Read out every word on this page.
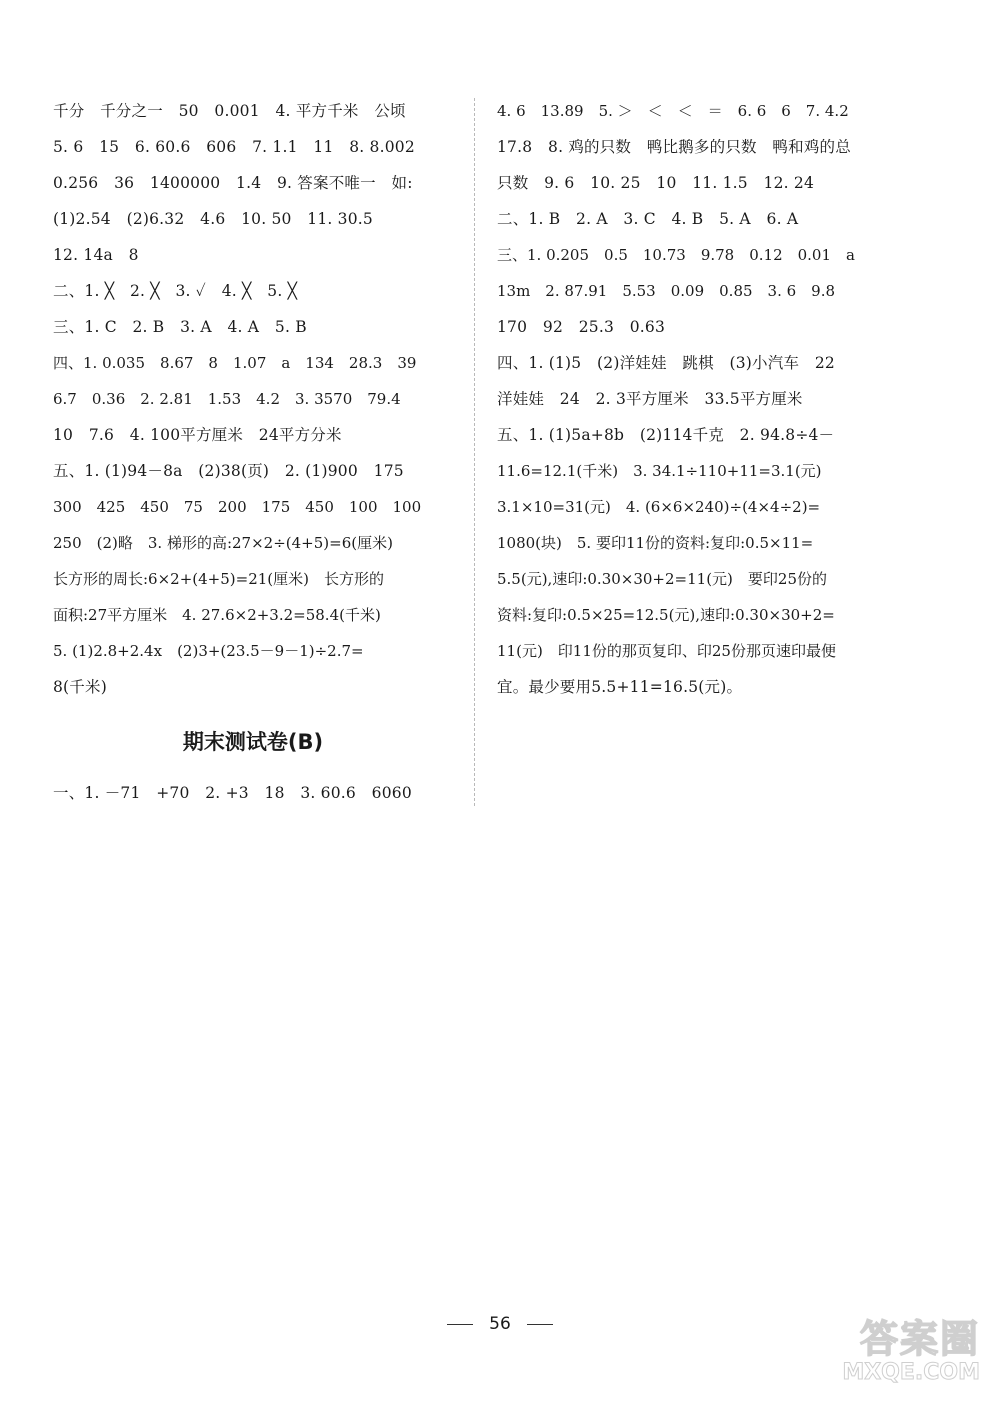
千分　千分之一　50　0.001　4. 平方千米　公顷
5. 6　15　6. 60.6　606　7. 1.1　11　8. 8.002
0.256　36　1400000　1.4　9. 答案不唯一　如:
(1)2.54　(2)6.32　4.6　10. 50　11. 30.5
12. 14a　8
二、1. ╳　2. ╳　3. ✓　4. ╳　5. ╳
三、1. C　2. B　3. A　4. A　5. B
四、1. 0.035　8.67　8　1.07　a　134　28.3　39
6.7　0.36　2. 2.81　1.53　4.2　3. 3570　79.4
10　7.6　4. 100平方厘米　24平方分米
五、1. (1)94－8a　(2)38(页)　2. (1)900　175
300　425　450　75　200　175　450　100　100
250　(2)略　3. 梯形的高:27×2÷(4+5)=6(厘米)
长方形的周长:6×2+(4+5)=21(厘米)　长方形的
面积:27平方厘米　4. 27.6×2+3.2=58.4(千米)
5. (1)2.8+2.4x　(2)3+(23.5－9－1)÷2.7=
8(千米)
期末测试卷(B)
一、1. －71　+70　2. +3　18　3. 60.6　6060
4. 6　13.89　5. ＞　＜　＜　＝　6. 6　6　7. 4.2
17.8　8. 鸡的只数　鸭比鹅多的只数　鸭和鸡的总
只数　9. 6　10. 25　10　11. 1.5　12. 24
二、1. B　2. A　3. C　4. B　5. A　6. A
三、1. 0.205　0.5　10.73　9.78　0.12　0.01　a
13m　2. 87.91　5.53　0.09　0.85　3. 6　9.8
170　92　25.3　0.63
四、1. (1)5　(2)洋娃娃　跳棋　(3)小汽车　22
洋娃娃　24　2. 3平方厘米　33.5平方厘米
五、1. (1)5a+8b　(2)114千克　2. 94.8÷4－
11.6=12.1(千米)　3. 34.1÷110+11=3.1(元)
3.1×10=31(元)　4. (6×6×240)÷(4×4÷2)=
1080(块)　5. 要印11份的资料:复印:0.5×11=
5.5(元),速印:0.30×30+2=11(元)　要印25份的
资料:复印:0.5×25=12.5(元),速印:0.30×30+2=
11(元)　印11份的那页复印、印25份那页速印最便
宜。最少要用5.5+11=16.5(元)。
56	答案圈
MXQE.COM
